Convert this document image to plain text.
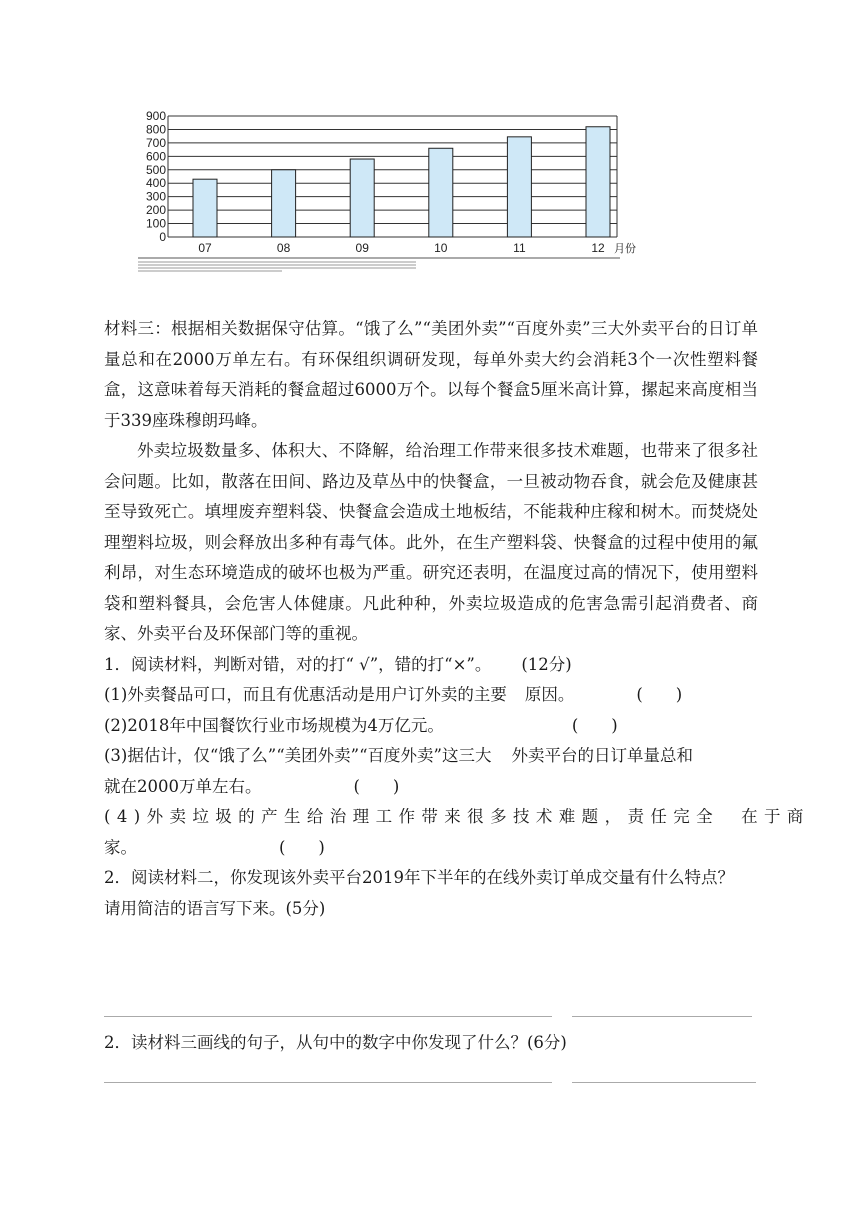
0
100
200
300
400
500
600
700
800
900
07	08	09	10	11	12 月份

材料三：根据相关数据保守估算。“饿了么”“美团外卖”“百度外卖”三大外卖平台的日订单量总和在2000万单左右。有环保组织调研发现，每单外卖大约会消耗3个一次性塑料餐盒，这意味着每天消耗的餐盒超过6000万个。以每个餐盒5厘米高计算，摞起来高度相当于339座珠穆朗玛峰。

外卖垃圾数量多、体积大、不降解，给治理工作带来很多技术难题，也带来了很多社会问题。比如，散落在田间、路边及草丛中的快餐盒，一旦被动物吞食，就会危及健康甚至导致死亡。填埋废弃塑料袋、快餐盒会造成土地板结，不能栽种庄稼和树木。而焚烧处理塑料垃圾，则会释放出多种有毒气体。此外，在生产塑料袋、快餐盒的过程中使用的氟利昂，对生态环境造成的破坏也极为严重。研究还表明，在温度过高的情况下，使用塑料袋和塑料餐具，会危害人体健康。凡此种种，外卖垃圾造成的危害急需引起消费者、商家、外卖平台及环保部门等的重视。

1．阅读材料，判断对错，对的打“ √”，错的打“×”。 (12分)
(1)外卖餐品可口，而且有优惠活动是用户订外卖的主要 原因。	(　　)
(2)2018年中国餐饮行业市场规模为4万亿元。	(　　)
(3)据估计，仅“饿了么”“美团外卖”“百度外卖”这三大 外卖平台的日订单量总和
就在2000万单左右。	(　　)
(4)外卖垃圾的产生给治理工作带来很多技术难题，责任完全 在于商
家。	(　　)
2．阅读材料二，你发现该外卖平台2019年下半年的在线外卖订单成交量有什么特点？
请用简洁的语言写下来。(5分)
2．读材料三画线的句子，从句中的数字中你发现了什么？(6分)
